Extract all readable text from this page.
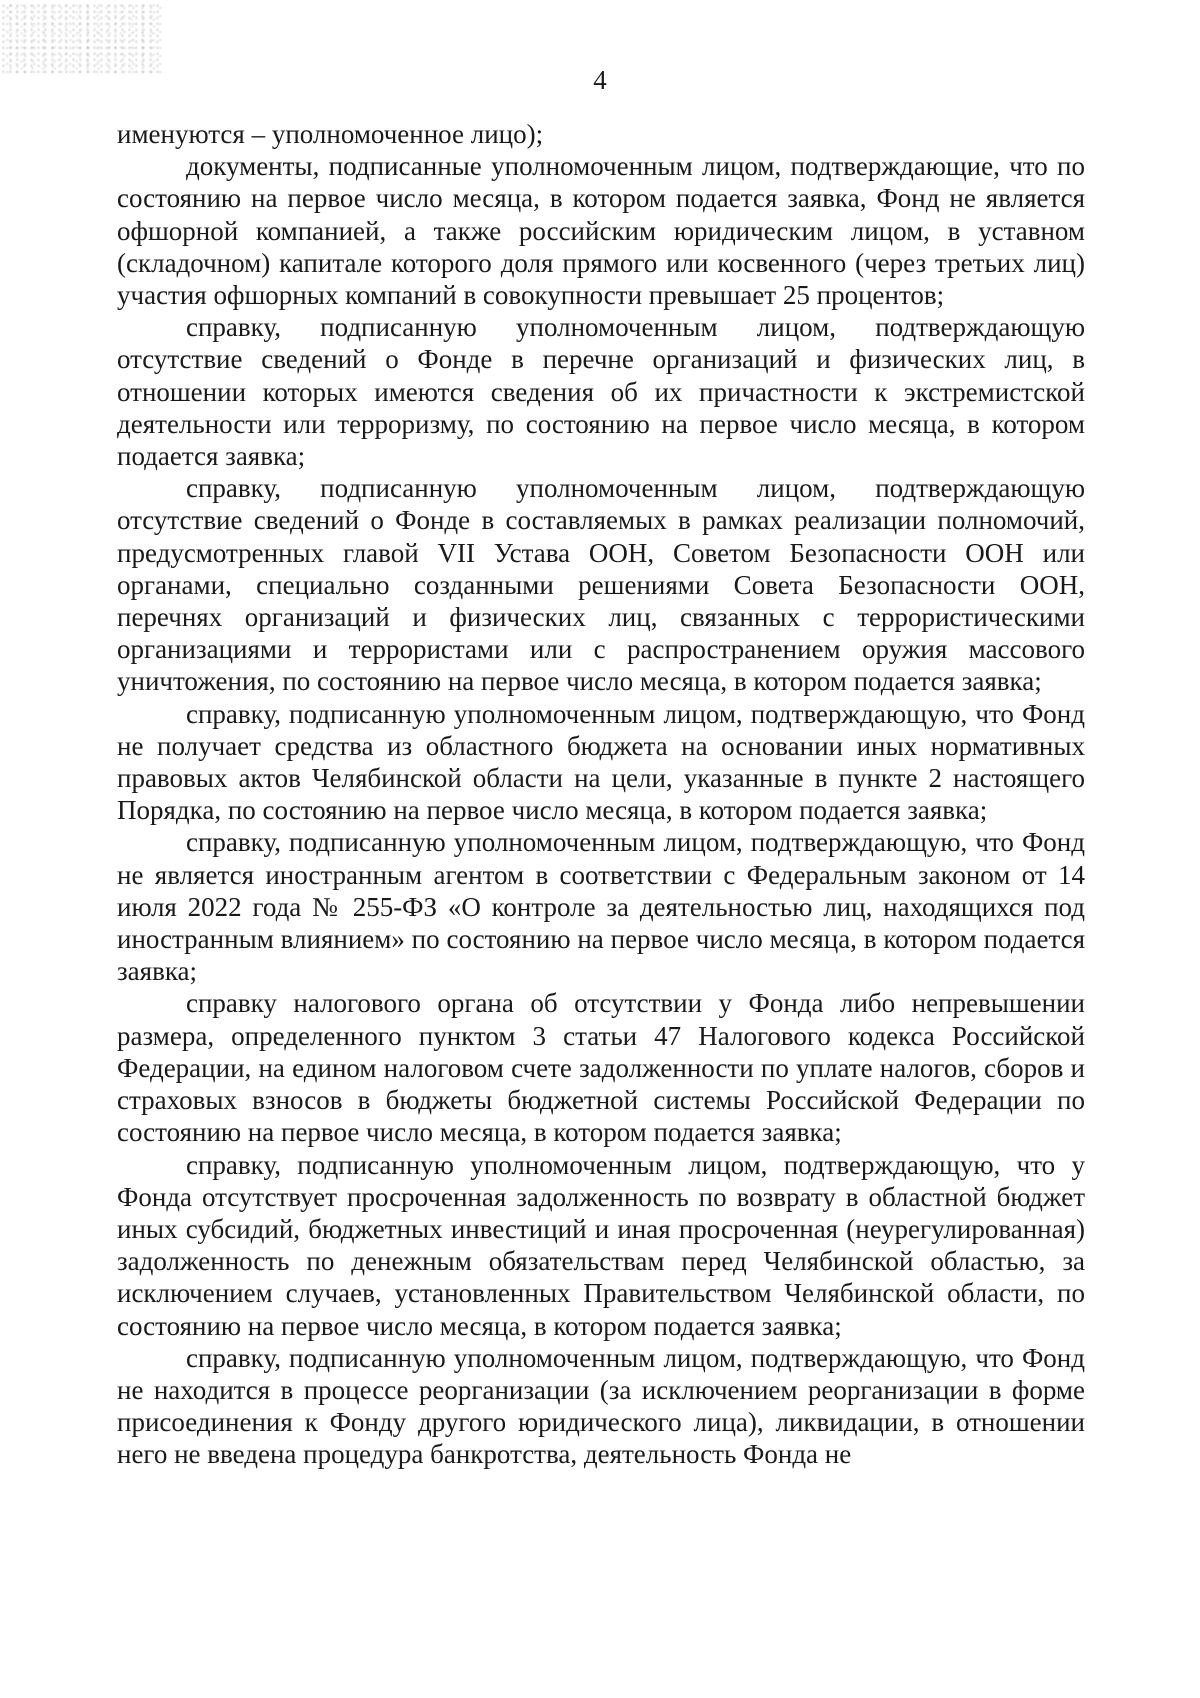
4

именуются – уполномоченное лицо);

документы, подписанные уполномоченным лицом, подтверждающие, что по состоянию на первое число месяца, в котором подается заявка, Фонд не является офшорной компанией, а также российским юридическим лицом, в уставном (складочном) капитале которого доля прямого или косвенного (через третьих лиц) участия офшорных компаний в совокупности превышает 25 процентов;

справку, подписанную уполномоченным лицом, подтверждающую отсутствие сведений о Фонде в перечне организаций и физических лиц, в отношении которых имеются сведения об их причастности к экстремистской деятельности или терроризму, по состоянию на первое число месяца, в котором подается заявка;

справку, подписанную уполномоченным лицом, подтверждающую отсутствие сведений о Фонде в составляемых в рамках реализации полномочий, предусмотренных главой VII Устава ООН, Советом Безопасности ООН или органами, специально созданными решениями Совета Безопасности ООН, перечнях организаций и физических лиц, связанных с террористическими организациями и террористами или с распространением оружия массового уничтожения, по состоянию на первое число месяца, в котором подается заявка;

справку, подписанную уполномоченным лицом, подтверждающую, что Фонд не получает средства из областного бюджета на основании иных нормативных правовых актов Челябинской области на цели, указанные в пункте 2 настоящего Порядка, по состоянию на первое число месяца, в котором подается заявка;

справку, подписанную уполномоченным лицом, подтверждающую, что Фонд не является иностранным агентом в соответствии с Федеральным законом от 14 июля 2022 года № 255-ФЗ «О контроле за деятельностью лиц, находящихся под иностранным влиянием» по состоянию на первое число месяца, в котором подается заявка;

справку налогового органа об отсутствии у Фонда либо непревышении размера, определенного пунктом 3 статьи 47 Налогового кодекса Российской Федерации, на едином налоговом счете задолженности по уплате налогов, сборов и страховых взносов в бюджеты бюджетной системы Российской Федерации по состоянию на первое число месяца, в котором подается заявка;

справку, подписанную уполномоченным лицом, подтверждающую, что у Фонда отсутствует просроченная задолженность по возврату в областной бюджет иных субсидий, бюджетных инвестиций и иная просроченная (неурегулированная) задолженность по денежным обязательствам перед Челябинской областью, за исключением случаев, установленных Правительством Челябинской области, по состоянию на первое число месяца, в котором подается заявка;

справку, подписанную уполномоченным лицом, подтверждающую, что Фонд не находится в процессе реорганизации (за исключением реорганизации в форме присоединения к Фонду другого юридического лица), ликвидации, в отношении него не введена процедура банкротства, деятельность Фонда не
